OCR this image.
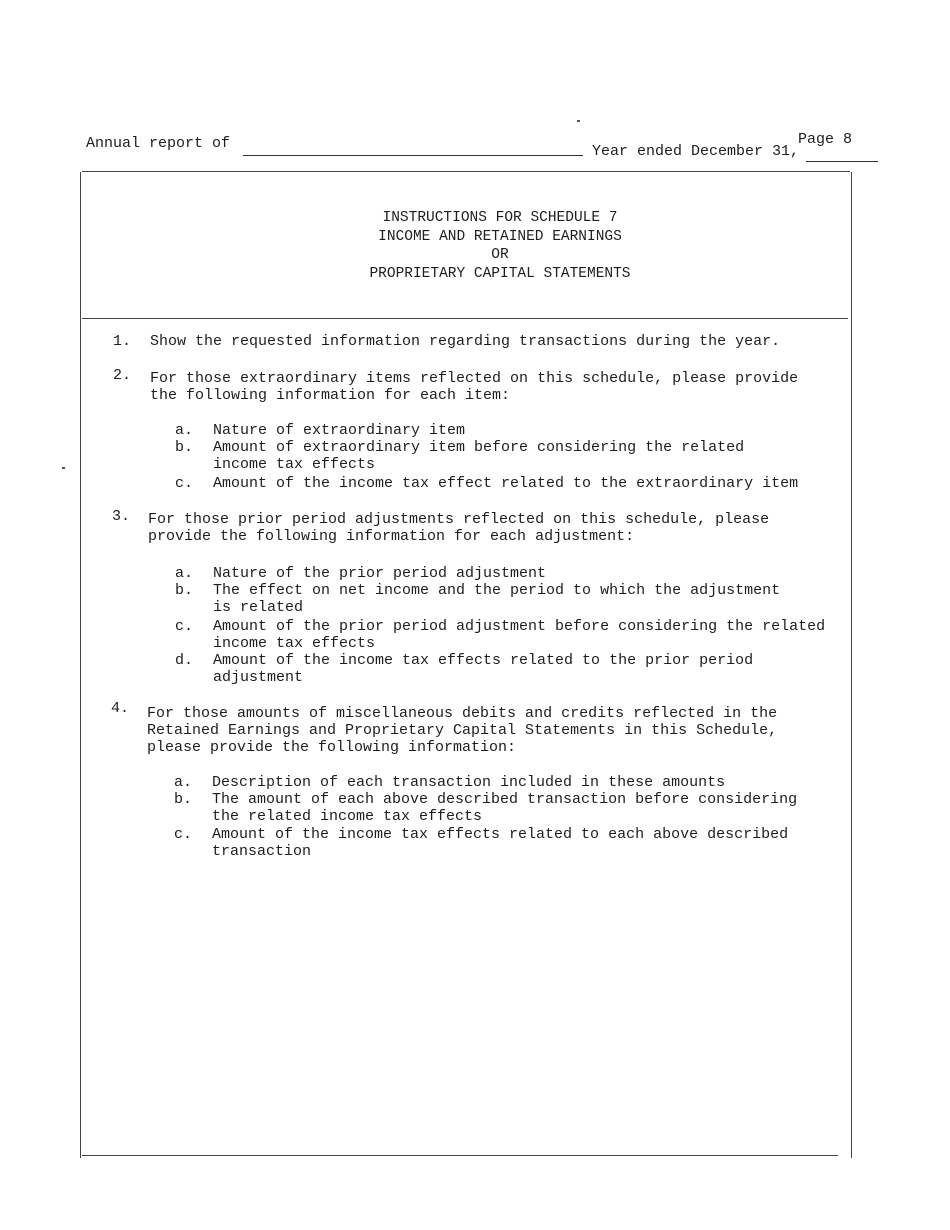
Annual report of	Year ended December 31,
Page 8
INSTRUCTIONS FOR SCHEDULE 7
INCOME AND RETAINED EARNINGS
OR
PROPRIETARY CAPITAL STATEMENTS
1. Show the requested information regarding transactions during the year.
2. For those extraordinary items reflected on this schedule, please provide
the following information for each item:
a. Nature of extraordinary item
b. Amount of extraordinary item before considering the related
income tax effects
c. Amount of the income tax effect related to the extraordinary item
3. For those prior period adjustments reflected on this schedule, please
provide the following information for each adjustment:
a. Nature of the prior period adjustment
b. The effect on net income and the period to which the adjustment
is related
c. Amount of the prior period adjustment before considering the related
income tax effects
d. Amount of the income tax effects related to the prior period
adjustment
4. For those amounts of miscellaneous debits and credits reflected in the
Retained Earnings and Proprietary Capital Statements in this Schedule,
please provide the following information:
a. Description of each transaction included in these amounts
b. The amount of each above described transaction before considering
the related income tax effects
c. Amount of the income tax effects related to each above described
transaction
